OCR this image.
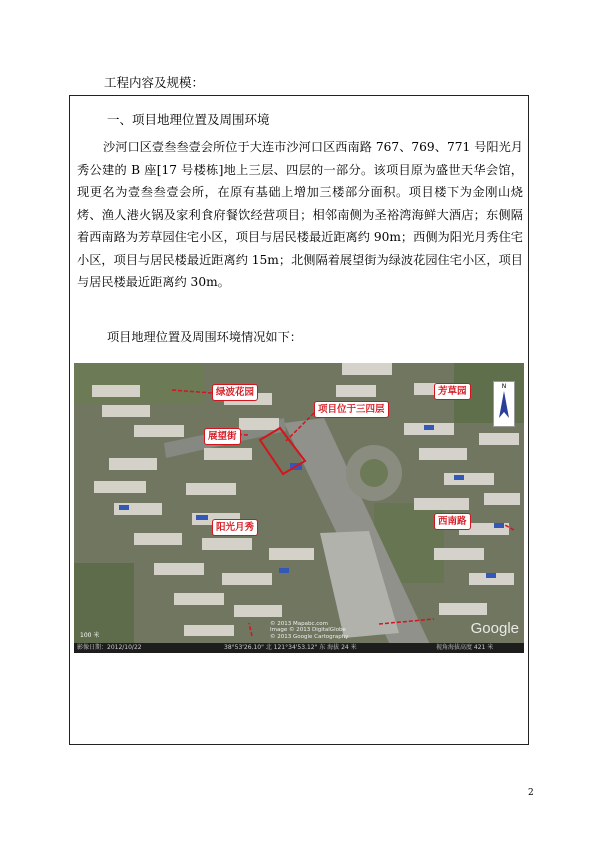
工程内容及规模：
一、项目地理位置及周围环境
沙河口区壹叁叁壹会所位于大连市沙河口区西南路 767、769、771 号阳光月秀公建的 B 座[17 号楼栋]地上三层、四层的一部分。该项目原为盛世天华会馆，现更名为壹叁叁壹会所，在原有基础上增加三楼部分面积。项目楼下为金刚山烧烤、渔人港火锅及家利食府餐饮经营项目；相邻南侧为圣裕湾海鲜大酒店；东侧隔着西南路为芳草园住宅小区，项目与居民楼最近距离约 90m；西侧为阳光月秀住宅小区，项目与居民楼最近距离约 15m；北侧隔着展望街为绿波花园住宅小区，项目与居民楼最近距离约 30m。
项目地理位置及周围环境情况如下：
绿波花园	芳草园
项目位于三四层
展望街
西南路
阳光月秀
N
100 米
© 2013 Mapabc.com
Image © 2013 DigitalGlobe
© 2013 Google Cartography	Google
影像日期：2012/10/22	38°53'26.10" 北 121°34'53.12" 东 海拔 24 米	视角海拔高度 421 米
2
